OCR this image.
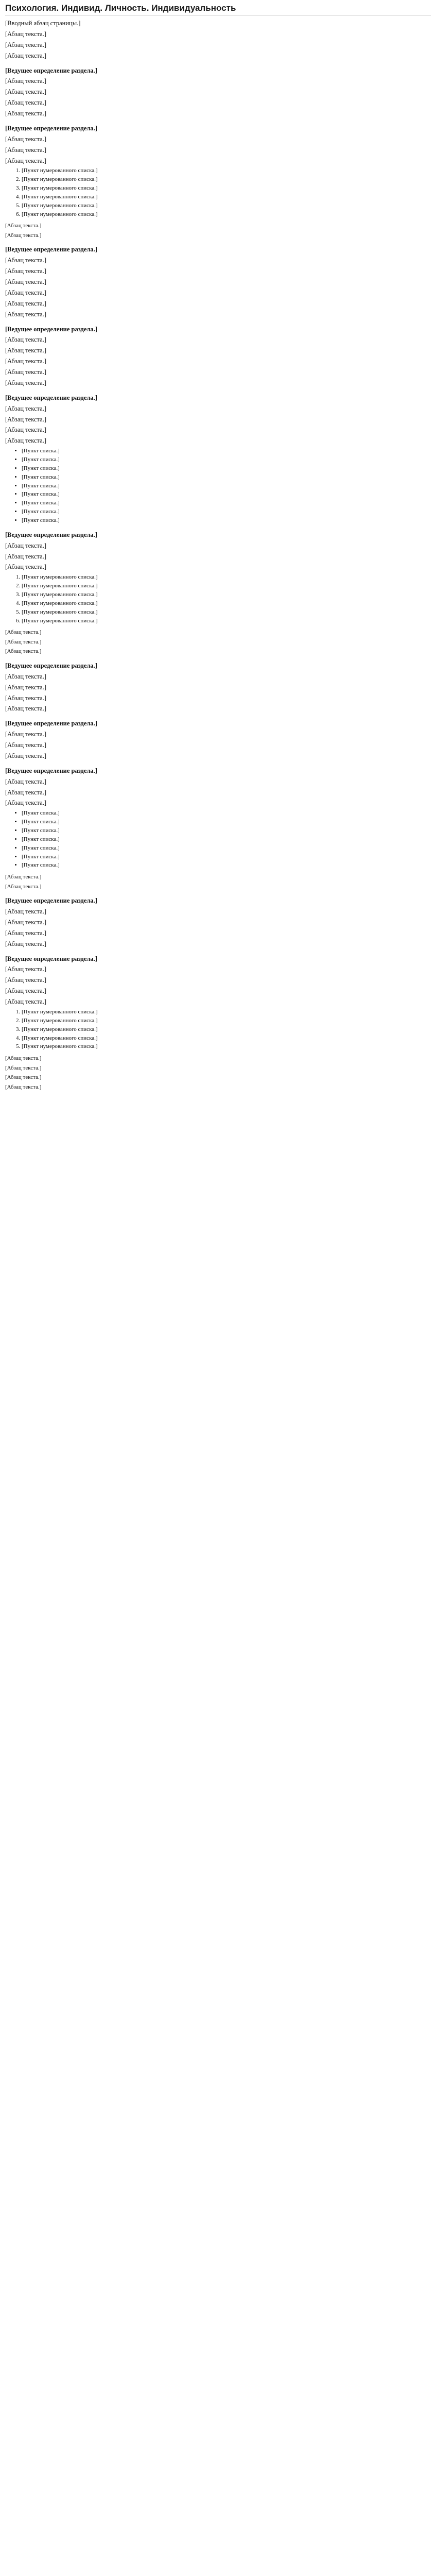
Психология. Индивид. Личность. Индивидуальность
[Вводный абзац страницы.]
[Абзац текста.]
[Абзац текста.]
[Абзац текста.]
[Ведущее определение раздела.]
[Абзац текста.]
[Абзац текста.]
[Абзац текста.]
[Абзац текста.]
[Ведущее определение раздела.]
[Абзац текста.]
[Абзац текста.]
[Абзац текста.]
1. [Пункт нумерованного списка.]
2. [Пункт нумерованного списка.]
3. [Пункт нумерованного списка.]
4. [Пункт нумерованного списка.]
5. [Пункт нумерованного списка.]
6. [Пункт нумерованного списка.]
[Абзац текста.]
[Абзац текста.]
[Ведущее определение раздела.]
[Абзац текста.]
[Абзац текста.]
[Абзац текста.]
[Абзац текста.]
[Абзац текста.]
[Абзац текста.]
[Ведущее определение раздела.]
[Абзац текста.]
[Абзац текста.]
[Абзац текста.]
[Абзац текста.]
[Абзац текста.]
[Ведущее определение раздела.]
[Абзац текста.]
[Абзац текста.]
[Абзац текста.]
[Абзац текста.]
• [Пункт списка.]
• [Пункт списка.]
• [Пункт списка.]
• [Пункт списка.]
• [Пункт списка.]
• [Пункт списка.]
• [Пункт списка.]
• [Пункт списка.]
• [Пункт списка.]
[Ведущее определение раздела.]
[Абзац текста.]
[Абзац текста.]
[Абзац текста.]
1. [Пункт нумерованного списка.]
2. [Пункт нумерованного списка.]
3. [Пункт нумерованного списка.]
4. [Пункт нумерованного списка.]
5. [Пункт нумерованного списка.]
6. [Пункт нумерованного списка.]
[Абзац текста.]
[Абзац текста.]
[Абзац текста.]
[Ведущее определение раздела.]
[Абзац текста.]
[Абзац текста.]
[Абзац текста.]
[Абзац текста.]
[Ведущее определение раздела.]
[Абзац текста.]
[Абзац текста.]
[Абзац текста.]
[Ведущее определение раздела.]
[Абзац текста.]
[Абзац текста.]
[Абзац текста.]
• [Пункт списка.]
• [Пункт списка.]
• [Пункт списка.]
• [Пункт списка.]
• [Пункт списка.]
• [Пункт списка.]
• [Пункт списка.]
[Абзац текста.]
[Абзац текста.]
[Ведущее определение раздела.]
[Абзац текста.]
[Абзац текста.]
[Абзац текста.]
[Абзац текста.]
[Ведущее определение раздела.]
[Абзац текста.]
[Абзац текста.]
[Абзац текста.]
[Абзац текста.]
1. [Пункт нумерованного списка.]
2. [Пункт нумерованного списка.]
3. [Пункт нумерованного списка.]
4. [Пункт нумерованного списка.]
5. [Пункт нумерованного списка.]
[Абзац текста.]
[Абзац текста.]
[Абзац текста.]
[Абзац текста.]
